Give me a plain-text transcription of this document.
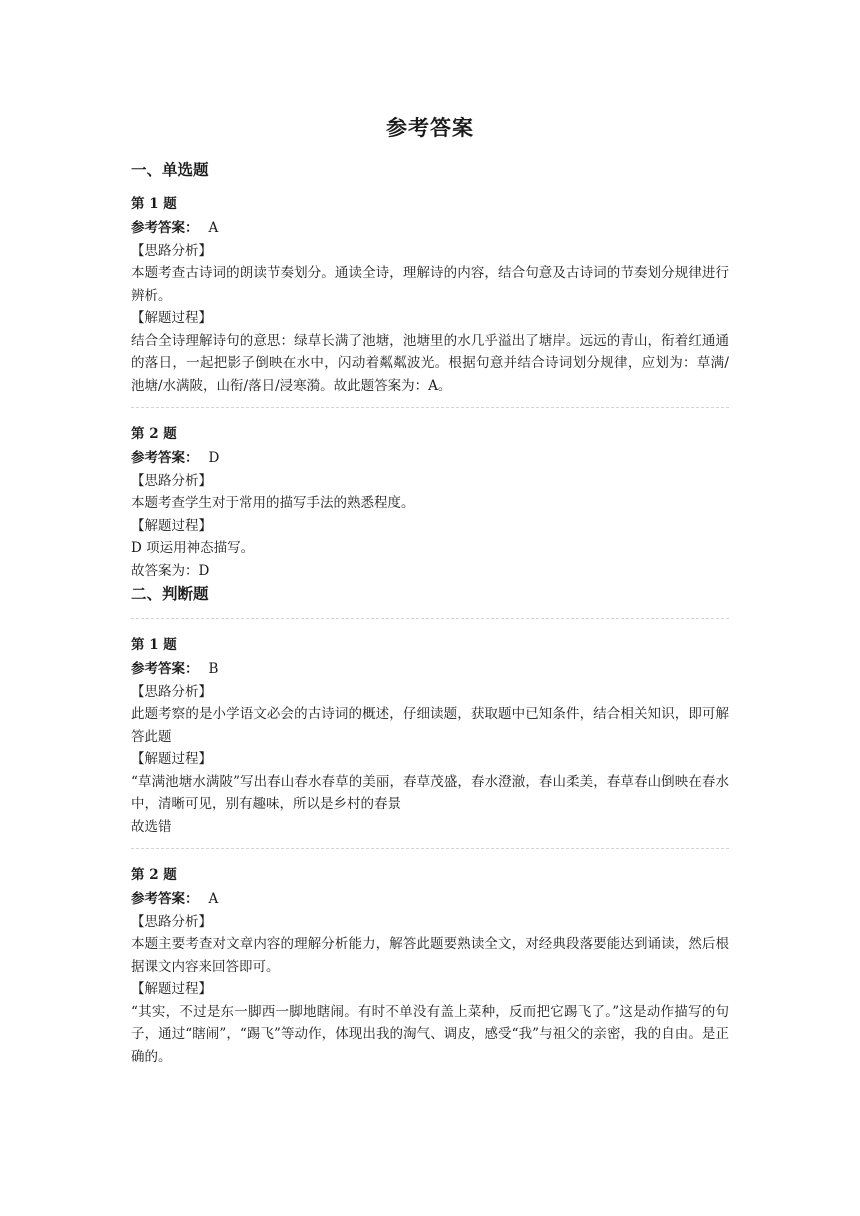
参考答案
一、单选题
第 1 题

参考答案： A

【思路分析】

本题考查古诗词的朗读节奏划分。通读全诗，理解诗的内容，结合句意及古诗词的节奏划分规律进行辨析。

【解题过程】

结合全诗理解诗句的意思：绿草长满了池塘，池塘里的水几乎溢出了塘岸。远远的青山，衔着红通通的落日，一起把影子倒映在水中，闪动着粼粼波光。根据句意并结合诗词划分规律，应划为：草满/池塘/水满陂，山衔/落日/浸寒漪。故此题答案为：A。

第 2 题

参考答案： D

【思路分析】

本题考查学生对于常用的描写手法的熟悉程度。

【解题过程】

D 项运用神态描写。

故答案为：D

二、判断题
第 1 题

参考答案： B

【思路分析】

此题考察的是小学语文必会的古诗词的概述，仔细读题，获取题中已知条件，结合相关知识，即可解答此题

【解题过程】

“草满池塘水满陂”写出春山春水春草的美丽，春草茂盛，春水澄澈，春山柔美，春草春山倒映在春水中，清晰可见，别有趣味，所以是乡村的春景

故选错

第 2 题

参考答案： A

【思路分析】

本题主要考查对文章内容的理解分析能力，解答此题要熟读全文，对经典段落要能达到诵读，然后根据课文内容来回答即可。

【解题过程】

“其实，不过是东一脚西一脚地瞎闹。有时不单没有盖上菜种，反而把它踢飞了。”这是动作描写的句子，通过“瞎闹”，“踢飞”等动作，体现出我的淘气、调皮，感受“我”与祖父的亲密，我的自由。是正确的。
